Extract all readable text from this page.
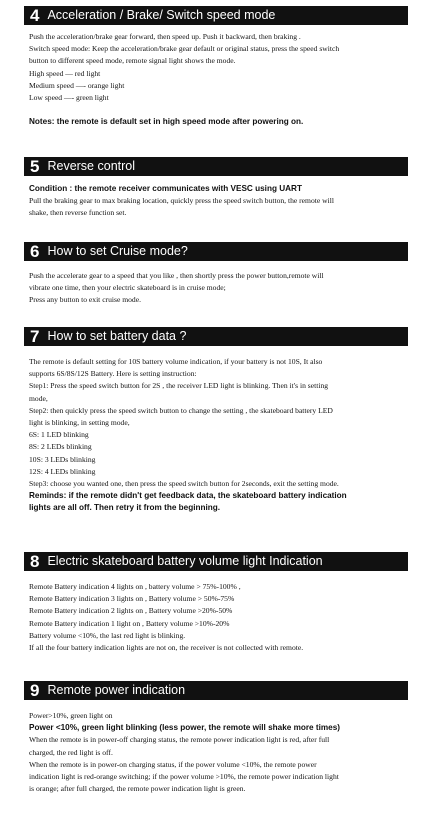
4 Acceleration / Brake/ Switch speed mode

Push the acceleration/brake gear forward, then speed up. Push it backward, then braking .

Switch speed mode: Keep the acceleration/brake gear default or original status, press the speed switch

button to different speed mode, remote signal light shows the mode.

High speed — red light

Medium speed —- orange light

Low speed —- green light

Notes: the remote is default set in high speed mode after powering on.

5 Reverse control

Condition : the remote receiver communicates with VESC using UART

Pull the braking gear to max braking location, quickly press the speed switch button, the remote will

shake, then reverse function set.

6 How to set Cruise mode?

Push the accelerate gear to a speed that you like , then shortly press the power button,remote will

vibrate one time, then your electric skateboard is in cruise mode;

Press any button to exit cruise mode.

7 How to set battery data ?

The remote is default setting for 10S battery volume indication, if your battery is not 10S, It also

supports 6S/8S/12S Battery. Here is setting instruction:

Step1: Press the speed switch button for 2S , the receiver LED light is blinking. Then it's in setting

mode,

Step2: then quickly press the speed switch button to change the setting , the skateboard battery LED

light is blinking, in setting mode,

6S: 1 LED blinking

8S: 2 LEDs blinking

10S: 3 LEDs blinking

12S: 4 LEDs blinking

Step3: choose you wanted one, then press the speed switch button for 2seconds, exit the setting mode.

Reminds: if the remote didn't get feedback data, the skateboard battery indication

lights are all off. Then retry it from the beginning.

8 Electric skateboard battery volume light Indication

Remote Battery indication 4 lights on , battery volume > 75%-100% ,

Remote Battery indication 3 lights on , Battery volume > 50%-75%

Remote Battery indication 2 lights on , Battery volume >20%-50%

Remote Battery indication 1 light on , Battery volume >10%-20%

Battery volume <10%, the last red light is blinking.

If all the four battery indication lights are not on, the receiver is not collected with remote.

9 Remote power indication

Power>10%, green light on

Power <10%, green light blinking (less power, the remote will shake more times)

When the remote is in power-off charging status, the remote power indication light is red, after full

charged, the red light is off.

When the remote is in power-on charging status, if the power volume <10%, the remote power

indication light is red-orange switching; if the power volume >10%, the remote power indication light

is orange; after full charged, the remote power indication light is green.
